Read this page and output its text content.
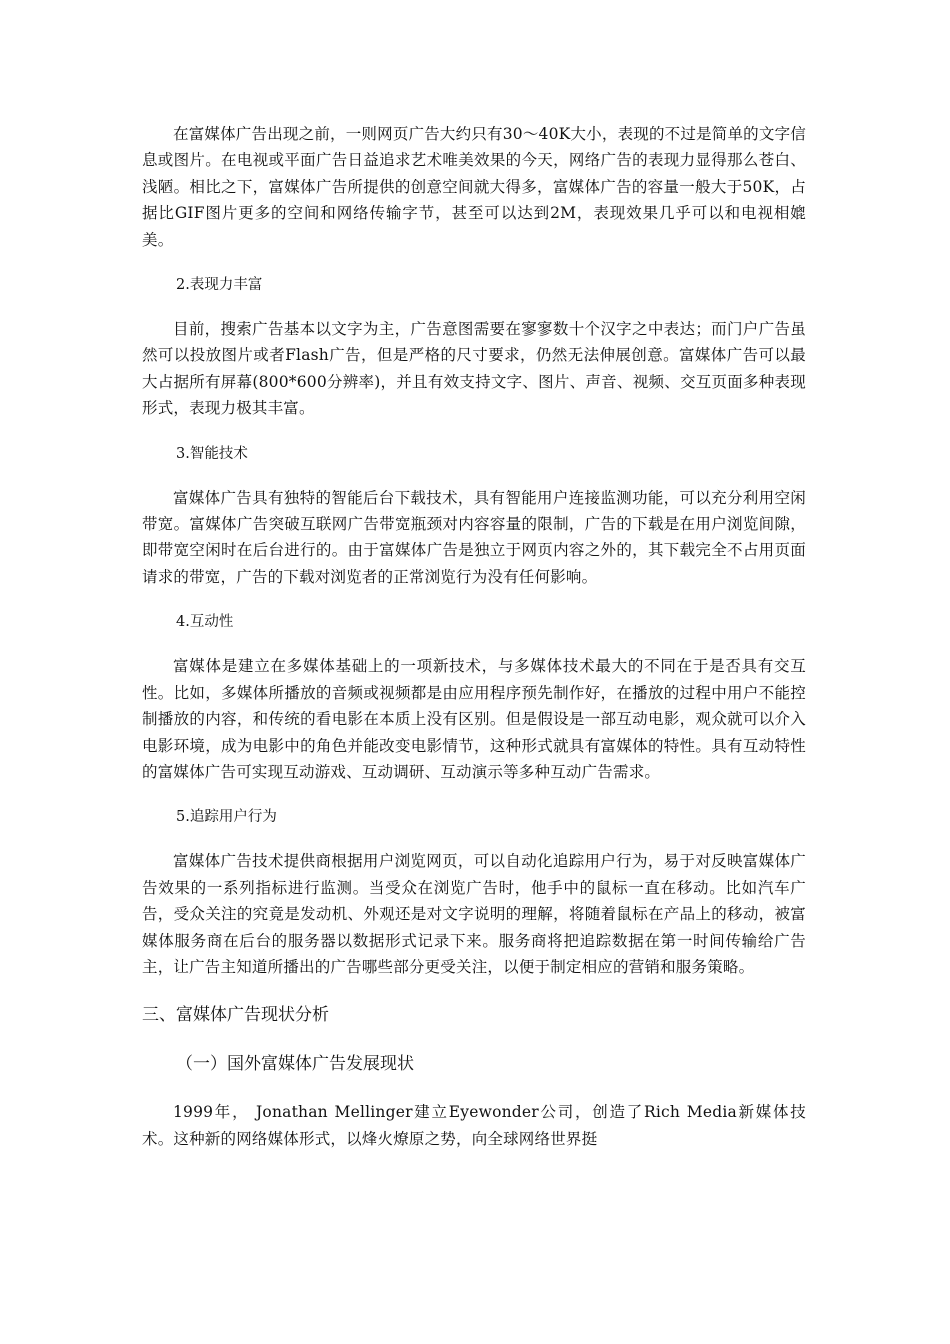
在富媒体广告出现之前，一则网页广告大约只有30～40K大小，表现的不过是简单的文字信息或图片。在电视或平面广告日益追求艺术唯美效果的今天，网络广告的表现力显得那么苍白、浅陋。相比之下，富媒体广告所提供的创意空间就大得多，富媒体广告的容量一般大于50K，占据比GIF图片更多的空间和网络传输字节，甚至可以达到2M，表现效果几乎可以和电视相媲美。

2.表现力丰富

目前，搜索广告基本以文字为主，广告意图需要在寥寥数十个汉字之中表达；而门户广告虽然可以投放图片或者Flash广告，但是严格的尺寸要求，仍然无法伸展创意。富媒体广告可以最大占据所有屏幕(800*600分辨率)，并且有效支持文字、图片、声音、视频、交互页面多种表现形式，表现力极其丰富。

3.智能技术

富媒体广告具有独特的智能后台下载技术，具有智能用户连接监测功能，可以充分利用空闲带宽。富媒体广告突破互联网广告带宽瓶颈对内容容量的限制，广告的下载是在用户浏览间隙，即带宽空闲时在后台进行的。由于富媒体广告是独立于网页内容之外的，其下载完全不占用页面请求的带宽，广告的下载对浏览者的正常浏览行为没有任何影响。

4.互动性

富媒体是建立在多媒体基础上的一项新技术，与多媒体技术最大的不同在于是否具有交互性。比如，多媒体所播放的音频或视频都是由应用程序预先制作好，在播放的过程中用户不能控制播放的内容，和传统的看电影在本质上没有区别。但是假设是一部互动电影，观众就可以介入电影环境，成为电影中的角色并能改变电影情节，这种形式就具有富媒体的特性。具有互动特性的富媒体广告可实现互动游戏、互动调研、互动演示等多种互动广告需求。

5.追踪用户行为

富媒体广告技术提供商根据用户浏览网页，可以自动化追踪用户行为，易于对反映富媒体广告效果的一系列指标进行监测。当受众在浏览广告时，他手中的鼠标一直在移动。比如汽车广告，受众关注的究竟是发动机、外观还是对文字说明的理解，将随着鼠标在产品上的移动，被富媒体服务商在后台的服务器以数据形式记录下来。服务商将把追踪数据在第一时间传输给广告主，让广告主知道所播出的广告哪些部分更受关注，以便于制定相应的营销和服务策略。

三、富媒体广告现状分析

（一）国外富媒体广告发展现状

1999年， Jonathan Mellinger建立Eyewonder公司，创造了Rich Media新媒体技术。这种新的网络媒体形式，以烽火燎原之势，向全球网络世界挺
